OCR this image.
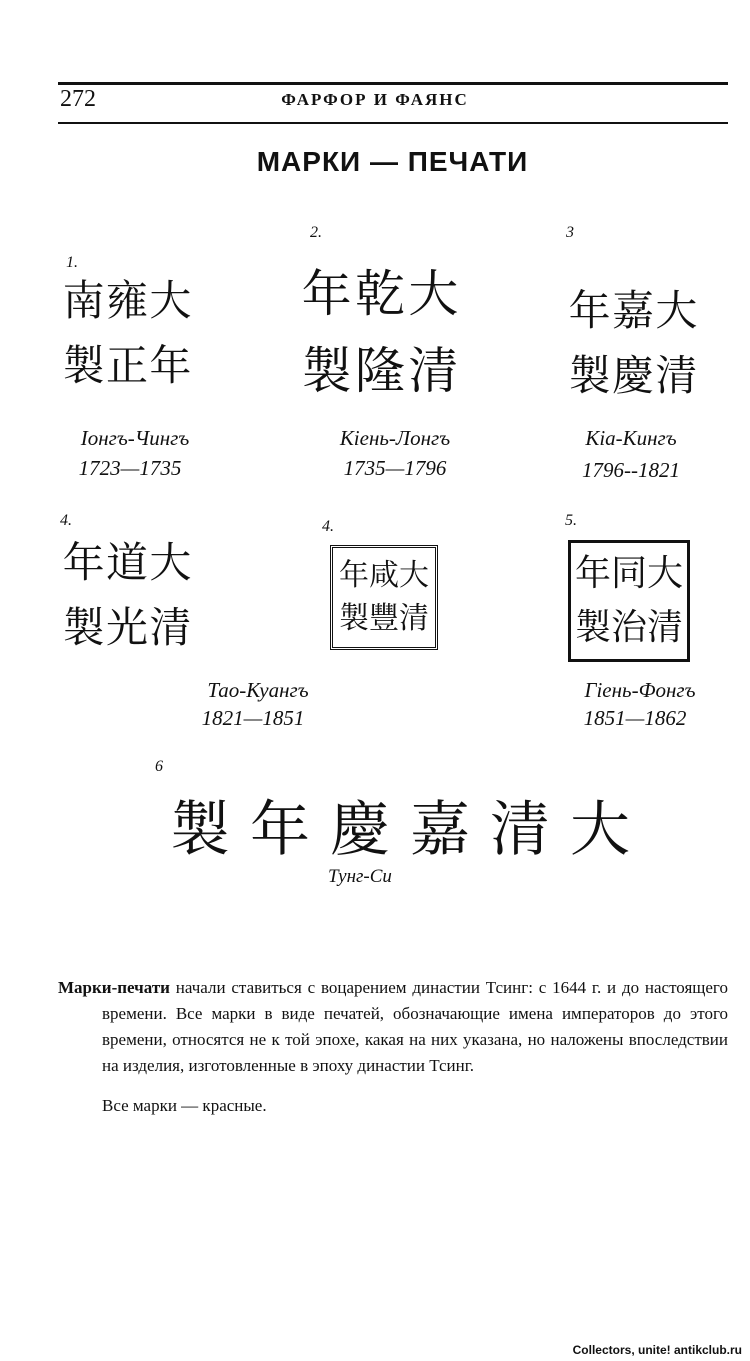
272	ФАРФОР И ФАЯНС
МАРКИ — ПЕЧАТИ
1.
南 雍 大
製 正 年
Іонгъ-Чингъ
1723—1735
2.
年 乾 大
製 隆 清
Кіень-Лонгъ
1735—1796
3
年 嘉 大
製 慶 清
Кіа-Кингъ
1796--1821
4.
年 道 大
製 光 清
4.
年 咸 大
製 豐 清
5.
年 同 大
製 治 清
Тао-Куангъ
1821—1851
Гіень-Фонгъ
1851—1862
6
製 年 慶 嘉 清 大
Тунг-Си

Марки-печати начали ставиться с воцарением династии Тсинг: с 1644 г. и до настоящего времени. Все марки в виде печатей, обозначающие имена императоров до этого времени, относятся не к той эпохе, какая на них указана, но наложены впоследствии на изделия, изготовленные в эпоху династии Тсинг.

Все марки — красные.

Collectors, unite! antikclub.ru
